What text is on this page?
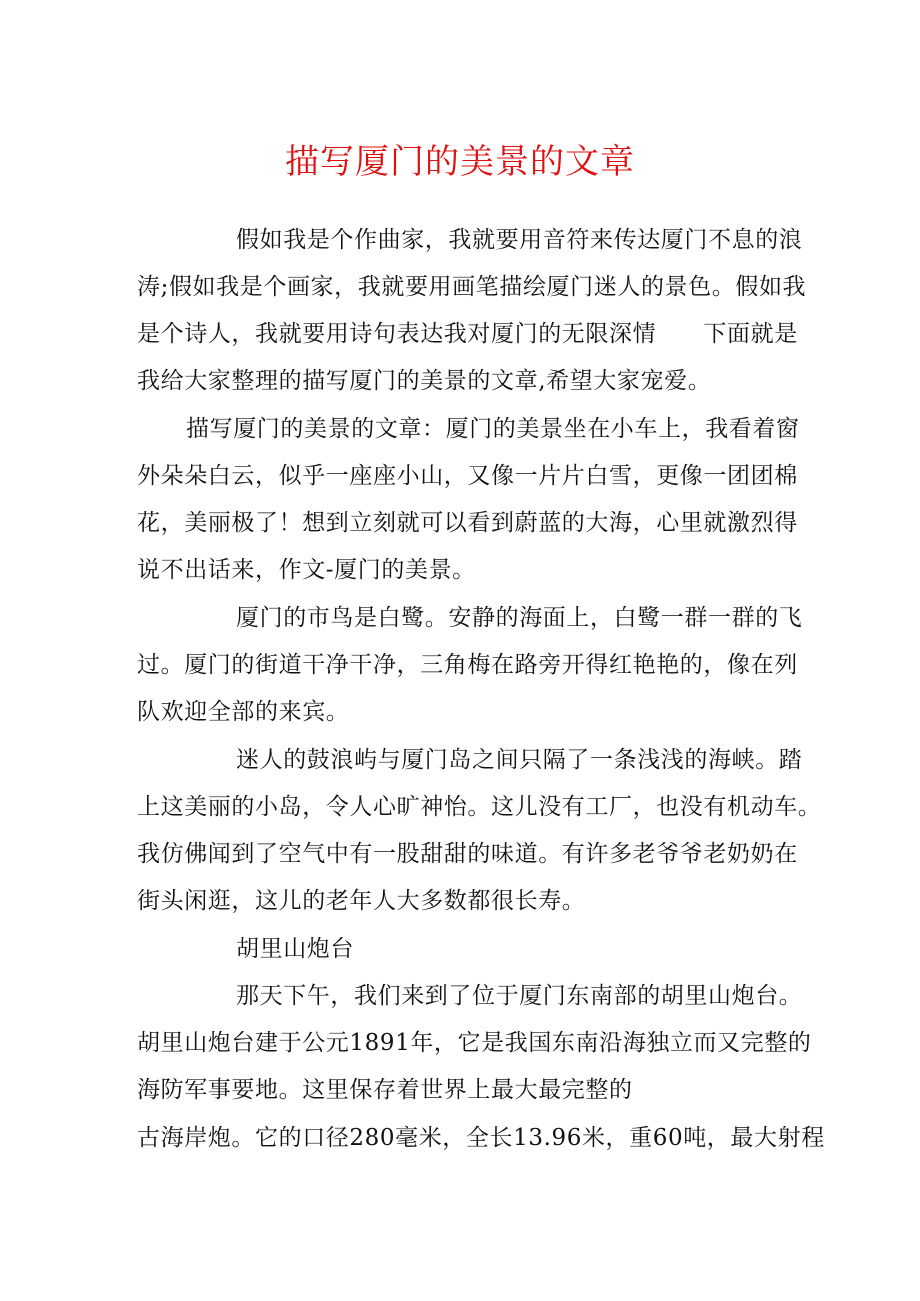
描写厦门的美景的文章
假如我是个作曲家，我就要用音符来传达厦门不息的浪
涛;假如我是个画家，我就要用画笔描绘厦门迷人的景色。假如我
是个诗人，我就要用诗句表达我对厦门的无限深情　　下面就是
我给大家整理的描写厦门的美景的文章,希望大家宠爱。
描写厦门的美景的文章：厦门的美景坐在小车上，我看着窗
外朵朵白云，似乎一座座小山，又像一片片白雪，更像一团团棉
花，美丽极了！想到立刻就可以看到蔚蓝的大海，心里就激烈得
说不出话来，作文-厦门的美景。
厦门的市鸟是白鹭。安静的海面上，白鹭一群一群的飞
过。厦门的街道干净干净，三角梅在路旁开得红艳艳的，像在列
队欢迎全部的来宾。
迷人的鼓浪屿与厦门岛之间只隔了一条浅浅的海峡。踏
上这美丽的小岛，令人心旷神怡。这儿没有工厂，也没有机动车。
我仿佛闻到了空气中有一股甜甜的味道。有许多老爷爷老奶奶在
街头闲逛，这儿的老年人大多数都很长寿。
胡里山炮台
那天下午，我们来到了位于厦门东南部的胡里山炮台。
胡里山炮台建于公元1891年，它是我国东南沿海独立而又完整的
海防军事要地。这里保存着世界上最大最完整的
古海岸炮。它的口径280毫米，全长13.96米，重60吨，最大射程
